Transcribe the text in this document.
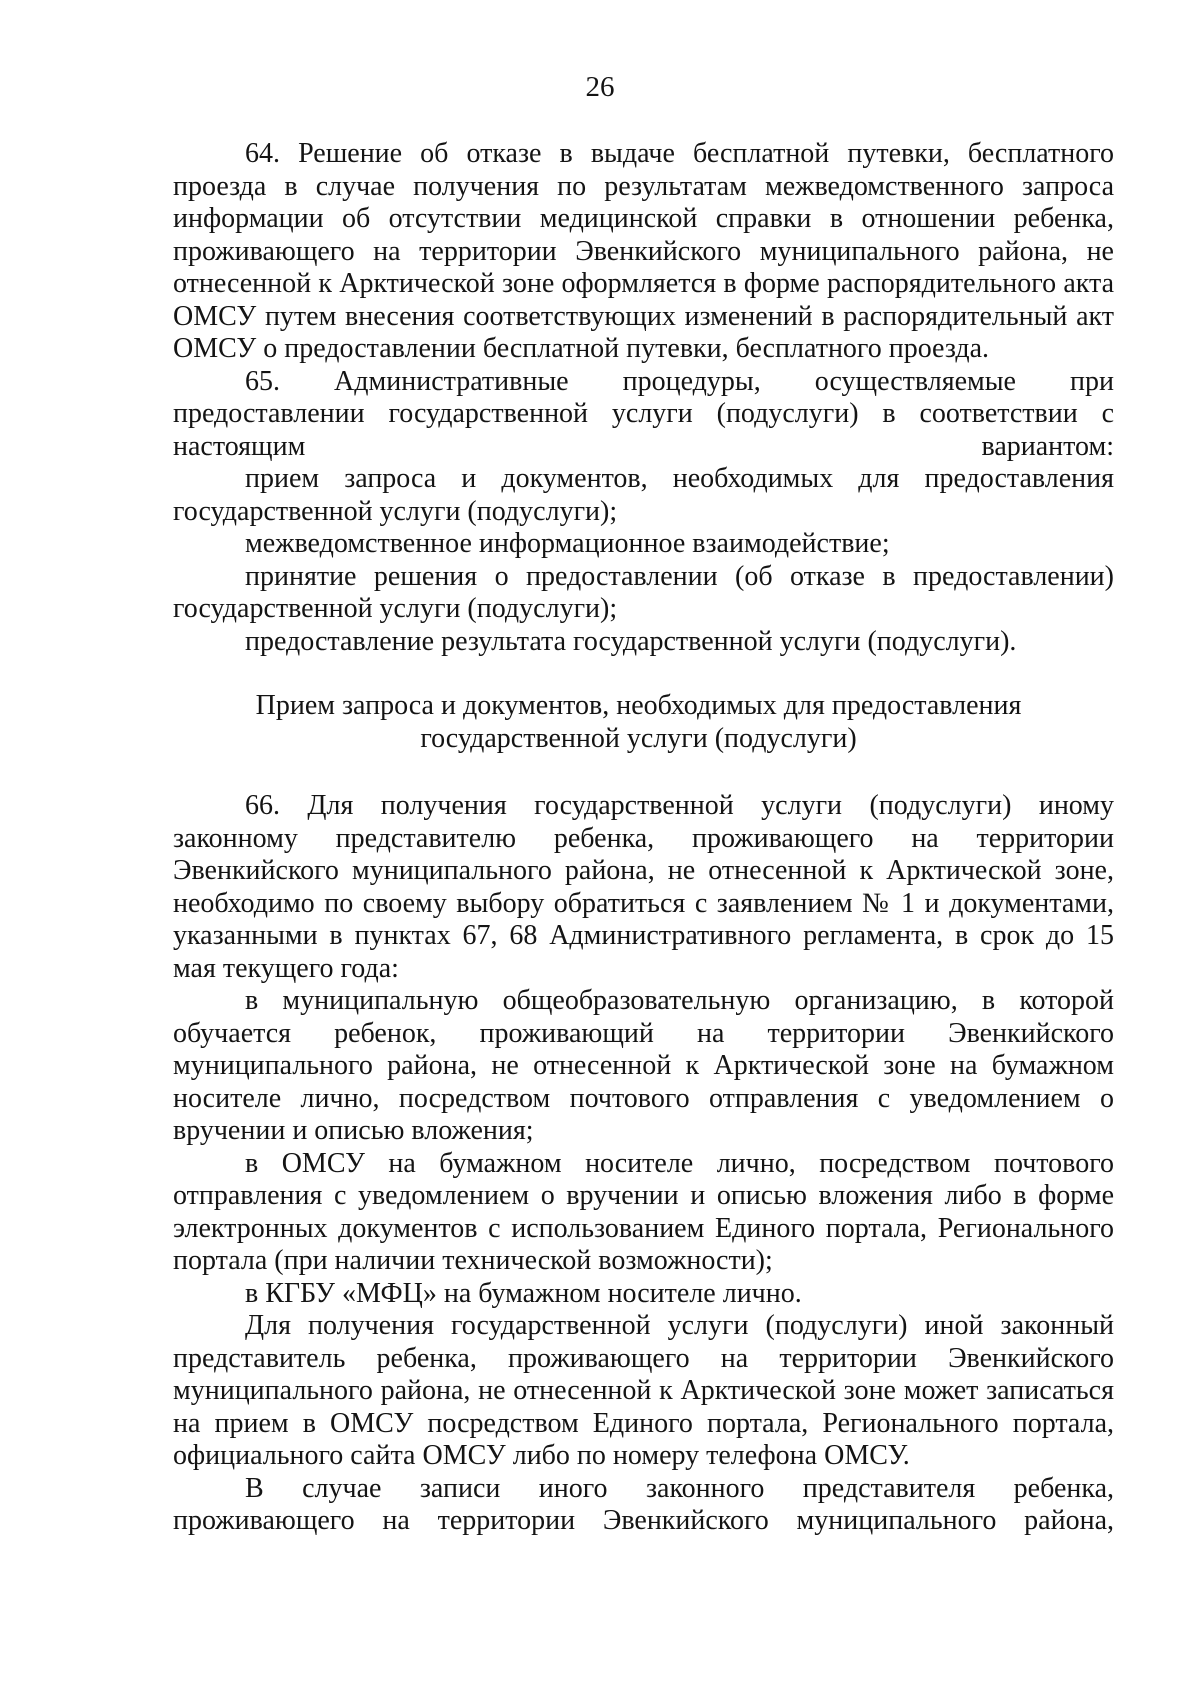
26

64. Решение об отказе в выдаче бесплатной путевки, бесплатного проезда в случае получения по результатам межведомственного запроса информации об отсутствии медицинской справки в отношении ребенка, проживающего на территории Эвенкийского муниципального района, не отнесенной к Арктической зоне оформляется в форме распорядительного акта ОМСУ путем внесения соответствующих изменений в распорядительный акт ОМСУ о предоставлении бесплатной путевки, бесплатного проезда.

65. Административные процедуры, осуществляемые при предоставлении государственной услуги (подуслуги) в соответствии с настоящим вариантом:

прием запроса и документов, необходимых для предоставления государственной услуги (подуслуги);

межведомственное информационное взаимодействие;

принятие решения о предоставлении (об отказе в предоставлении) государственной услуги (подуслуги);

предоставление результата государственной услуги (подуслуги).

Прием запроса и документов, необходимых для предоставления
государственной услуги (подуслуги)

66. Для получения государственной услуги (подуслуги) иному законному представителю ребенка, проживающего на территории Эвенкийского муниципального района, не отнесенной к Арктической зоне, необходимо по своему выбору обратиться с заявлением № 1 и документами, указанными в пунктах 67, 68 Административного регламента, в срок до 15 мая текущего года:

в муниципальную общеобразовательную организацию, в которой обучается ребенок, проживающий на территории Эвенкийского муниципального района, не отнесенной к Арктической зоне на бумажном носителе лично, посредством почтового отправления с уведомлением о вручении и описью вложения;

в ОМСУ на бумажном носителе лично, посредством почтового отправления с уведомлением о вручении и описью вложения либо в форме электронных документов с использованием Единого портала, Регионального портала (при наличии технической возможности);

в КГБУ «МФЦ» на бумажном носителе лично.

Для получения государственной услуги (подуслуги) иной законный представитель ребенка, проживающего на территории Эвенкийского муниципального района, не отнесенной к Арктической зоне может записаться на прием в ОМСУ посредством Единого портала, Регионального портала, официального сайта ОМСУ либо по номеру телефона ОМСУ.

В случае записи иного законного представителя ребенка, проживающего на территории Эвенкийского муниципального района,
